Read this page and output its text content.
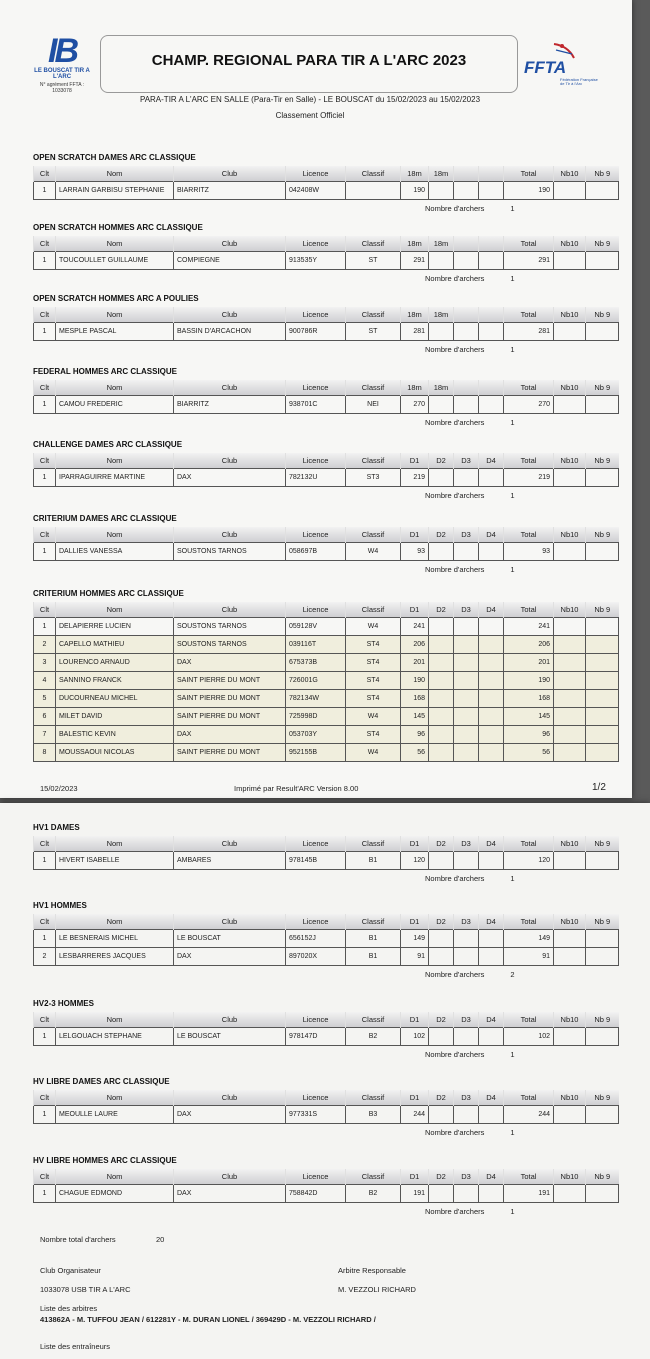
IB
LE BOUSCAT TIR A L'ARC
N° agrément FFTA : 1033078
CHAMP. REGIONAL PARA TIR A L'ARC 2023	FFTA
Fédération Française de Tir à l'Arc
PARA-TIR A L'ARC EN SALLE (Para-Tir en Salle) - LE BOUSCAT du 15/02/2023 au 15/02/2023
Classement Officiel
OPEN SCRATCH DAMES ARC CLASSIQUE
Clt	Nom	Club	Licence	Classif	18m	18m			Total	Nb10	Nb 9
1	LARRAIN GARBISU STEPHANIE	BIARRITZ	042408W		190				190		
Nombre d'archers	1
OPEN SCRATCH HOMMES ARC CLASSIQUE
Clt	Nom	Club	Licence	Classif	18m	18m			Total	Nb10	Nb 9
1	TOUCOULLET GUILLAUME	COMPIEGNE	913535Y	ST	291				291		
Nombre d'archers	1
OPEN SCRATCH HOMMES ARC A POULIES
Clt	Nom	Club	Licence	Classif	18m	18m			Total	Nb10	Nb 9
1	MESPLE PASCAL	BASSIN D'ARCACHON	900786R	ST	281				281		
Nombre d'archers	1
FEDERAL HOMMES ARC CLASSIQUE
Clt	Nom	Club	Licence	Classif	18m	18m			Total	Nb10	Nb 9
1	CAMOU FREDERIC	BIARRITZ	938701C	NEI	270				270		
Nombre d'archers	1
CHALLENGE DAMES ARC CLASSIQUE
Clt	Nom	Club	Licence	Classif	D1	D2	D3	D4	Total	Nb10	Nb 9
1	IPARRAGUIRRE MARTINE	DAX	782132U	ST3	219				219		
Nombre d'archers	1
CRITERIUM DAMES ARC CLASSIQUE
Clt	Nom	Club	Licence	Classif	D1	D2	D3	D4	Total	Nb10	Nb 9
1	DALLIES VANESSA	SOUSTONS TARNOS	058697B	W4	93				93		
Nombre d'archers	1
CRITERIUM HOMMES ARC CLASSIQUE
Clt	Nom	Club	Licence	Classif	D1	D2	D3	D4	Total	Nb10	Nb 9
1	DELAPIERRE LUCIEN	SOUSTONS TARNOS	059128V	W4	241				241		
2	CAPELLO MATHIEU	SOUSTONS TARNOS	039116T	ST4	206				206		
3	LOURENCO ARNAUD	DAX	675373B	ST4	201				201		
4	SANNINO FRANCK	SAINT PIERRE DU MONT	726001G	ST4	190				190		
5	DUCOURNEAU MICHEL	SAINT PIERRE DU MONT	782134W	ST4	168				168		
6	MILET DAVID	SAINT PIERRE DU MONT	725998D	W4	145				145		
7	BALESTIC KEVIN	DAX	053703Y	ST4	96				96		
8	MOUSSAOUI NICOLAS	SAINT PIERRE DU MONT	952155B	W4	56				56		
15/02/2023	Imprimé par Result'ARC Version 8.00	1/2
HV1 DAMES
Clt	Nom	Club	Licence	Classif	D1	D2	D3	D4	Total	Nb10	Nb 9
1	HIVERT ISABELLE	AMBARES	978145B	B1	120				120		
Nombre d'archers	1
HV1 HOMMES
Clt	Nom	Club	Licence	Classif	D1	D2	D3	D4	Total	Nb10	Nb 9
1	LE BESNERAIS MICHEL	LE BOUSCAT	656152J	B1	149				149		
2	LESBARRERES JACQUES	DAX	897020X	B1	91				91		
Nombre d'archers	2
HV2-3 HOMMES
Clt	Nom	Club	Licence	Classif	D1	D2	D3	D4	Total	Nb10	Nb 9
1	LELGOUACH STEPHANE	LE BOUSCAT	978147D	B2	102				102		
Nombre d'archers	1
HV LIBRE DAMES ARC CLASSIQUE
Clt	Nom	Club	Licence	Classif	D1	D2	D3	D4	Total	Nb10	Nb 9
1	MEOULLE LAURE	DAX	977331S	B3	244				244		
Nombre d'archers	1
HV LIBRE HOMMES ARC CLASSIQUE
Clt	Nom	Club	Licence	Classif	D1	D2	D3	D4	Total	Nb10	Nb 9
1	CHAGUE EDMOND	DAX	758842D	B2	191				191		
Nombre d'archers	1
Nombre total d'archers	20
Club Organisateur	Arbitre Responsable
1033078 USB TIR A L'ARC	M. VEZZOLI RICHARD
Liste des arbitres
413862A - M. TUFFOU JEAN / 612281Y - M. DURAN LIONEL / 369429D - M. VEZZOLI RICHARD /
Liste des entraîneurs
